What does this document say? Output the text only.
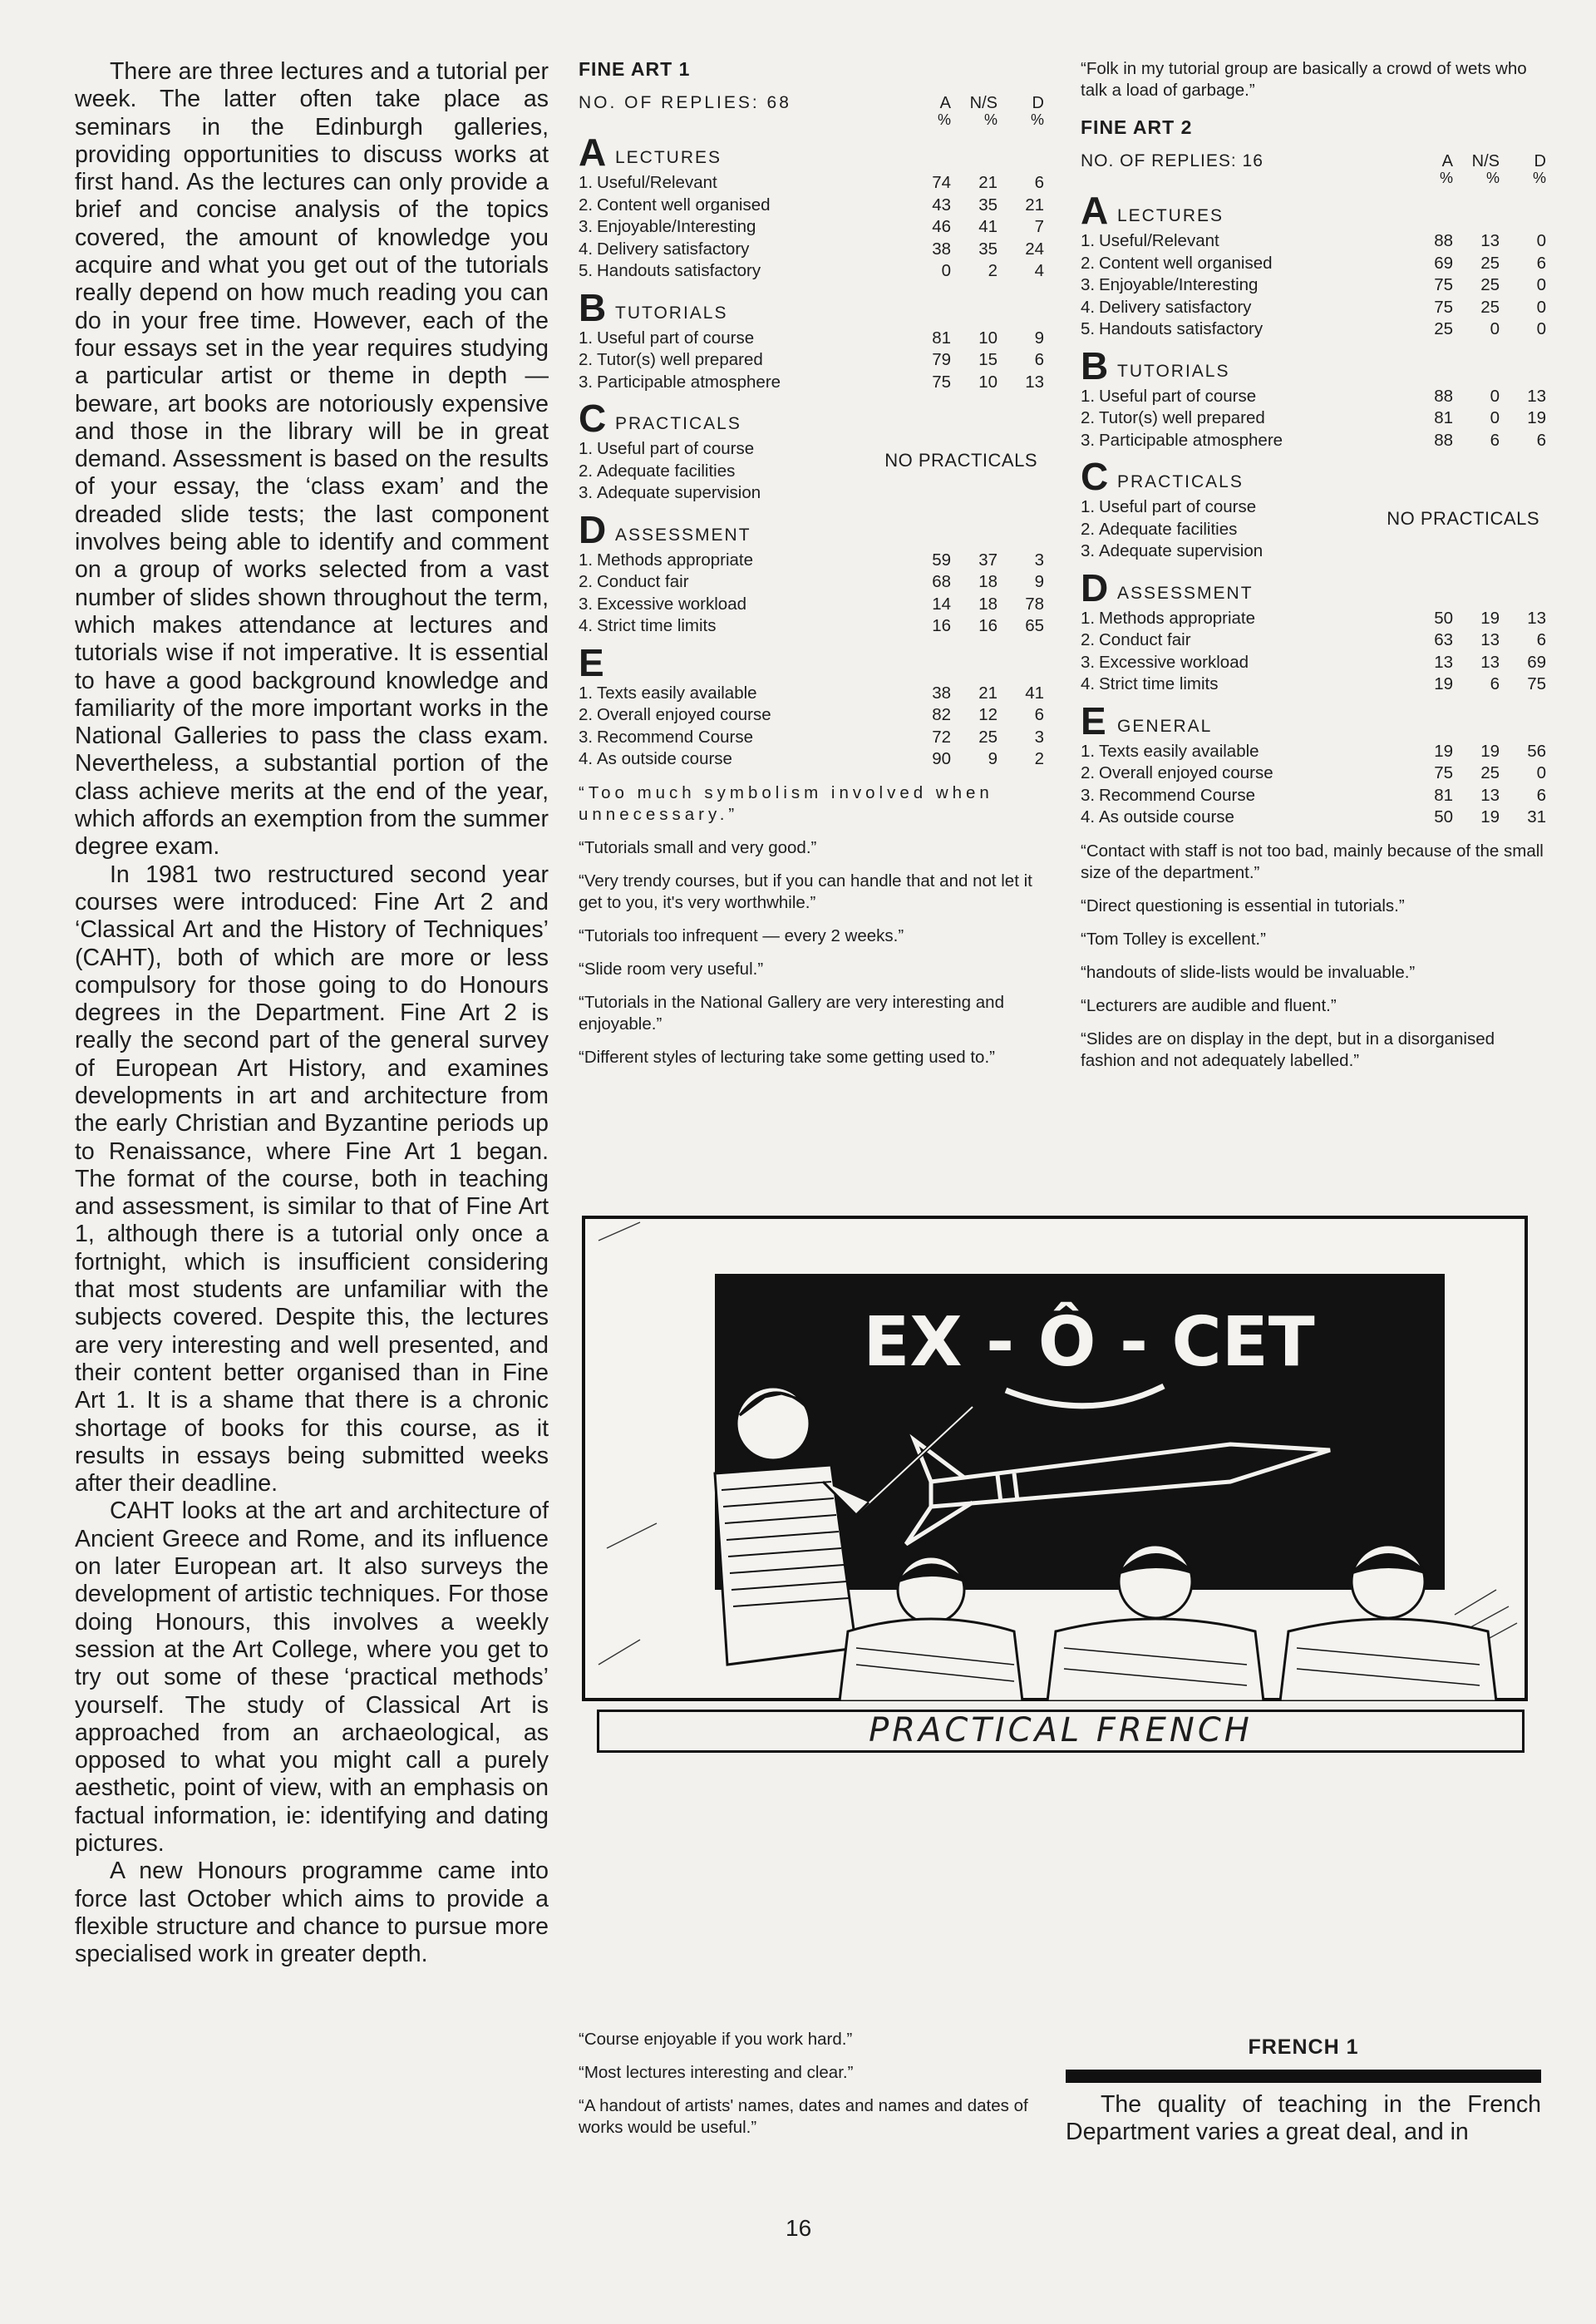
There are three lectures and a tutorial per week. The latter often take place as seminars in the Edinburgh galleries, providing opportunities to discuss works at first hand. As the lectures can only provide a brief and concise analysis of the topics covered, the amount of knowledge you acquire and what you get out of the tutorials really depend on how much reading you can do in your free time. However, each of the four essays set in the year requires studying a particular artist or theme in depth — beware, art books are notoriously expensive and those in the library will be in great demand. Assessment is based on the results of your essay, the ‘class exam’ and the dreaded slide tests; the last component involves being able to identify and comment on a group of works selected from a vast number of slides shown throughout the term, which makes attendance at lectures and tutorials wise if not imperative. It is essential to have a good background knowledge and familiarity of the more important works in the National Galleries to pass the class exam. Nevertheless, a substantial portion of the class achieve merits at the end of the year, which affords an exemption from the summer degree exam.

In 1981 two restructured second year courses were introduced: Fine Art 2 and ‘Classical Art and the History of Techniques’ (CAHT), both of which are more or less compulsory for those going to do Honours degrees in the Department. Fine Art 2 is really the second part of the general survey of European Art History, and examines developments in art and architecture from the early Christian and Byzantine periods up to Renaissance, where Fine Art 1 began. The format of the course, both in teaching and assessment, is similar to that of Fine Art 1, although there is a tutorial only once a fortnight, which is insufficient considering that most students are unfamiliar with the subjects covered. Despite this, the lectures are very interesting and well presented, and their content better organised than in Fine Art 1. It is a shame that there is a chronic shortage of books for this course, as it results in essays being submitted weeks after their deadline.

CAHT looks at the art and architecture of Ancient Greece and Rome, and its influence on later European art. It also surveys the development of artistic techniques. For those doing Honours, this involves a weekly session at the Art College, where you get to try out some of these ‘practical methods’ yourself. The study of Classical Art is approached from an archaeological, as opposed to what you might call a purely aesthetic, point of view, with an emphasis on factual information, ie: identifying and dating pictures.

A new Honours programme came into force last October which aims to provide a flexible structure and chance to pursue more specialised work in greater depth.

FINE ART 1

NO. OF REPLIES: 68	A	N/S	D
%	%	%
A LECTURES
1. Useful/Relevant	74	21	6
2. Content well organised	43	35	21
3. Enjoyable/Interesting	46	41	7
4. Delivery satisfactory	38	35	24
5. Handouts satisfactory	0	2	4
B TUTORIALS
1. Useful part of course	81	10	9
2. Tutor(s) well prepared	79	15	6
3. Participable atmosphere	75	10	13
C PRACTICALS
1. Useful part of course
2. Adequate facilities
3. Adequate supervision
NO PRACTICALS
D ASSESSMENT
1. Methods appropriate	59	37	3
2. Conduct fair	68	18	9
3. Excessive workload	14	18	78
4. Strict time limits	16	16	65
E
1. Texts easily available	38	21	41
2. Overall enjoyed course	82	12	6
3. Recommend Course	72	25	3
4. As outside course	90	9	2

“Too much symbolism involved when unnecessary.”

“Tutorials small and very good.”

“Very trendy courses, but if you can handle that and not let it get to you, it's very worthwhile.”

“Tutorials too infrequent — every 2 weeks.”

“Slide room very useful.”

“Tutorials in the National Gallery are very interesting and enjoyable.”

“Different styles of lecturing take some getting used to.”

“Folk in my tutorial group are basically a crowd of wets who talk a load of garbage.”

FINE ART 2

NO. OF REPLIES: 16	A	N/S	D
%	%	%
A LECTURES
1. Useful/Relevant	88	13	0
2. Content well organised	69	25	6
3. Enjoyable/Interesting	75	25	0
4. Delivery satisfactory	75	25	0
5. Handouts satisfactory	25	0	0
B TUTORIALS
1. Useful part of course	88	0	13
2. Tutor(s) well prepared	81	0	19
3. Participable atmosphere	88	6	6
C PRACTICALS
1. Useful part of course
2. Adequate facilities
3. Adequate supervision
NO PRACTICALS
D ASSESSMENT
1. Methods appropriate	50	19	13
2. Conduct fair	63	13	6
3. Excessive workload	13	13	69
4. Strict time limits	19	6	75
E GENERAL
1. Texts easily available	19	19	56
2. Overall enjoyed course	75	25	0
3. Recommend Course	81	13	6
4. As outside course	50	19	31

“Contact with staff is not too bad, mainly because of the small size of the department.”

“Direct questioning is essential in tutorials.”

“Tom Tolley is excellent.”

“handouts of slide-lists would be invaluable.”

“Lecturers are audible and fluent.”

“Slides are on display in the dept, but in a disorganised fashion and not adequately labelled.”

EX - Ô - CET
PRACTICAL FRENCH

“Course enjoyable if you work hard.”

“Most lectures interesting and clear.”

“A handout of artists' names, dates and names and dates of works would be useful.”

FRENCH 1

The quality of teaching in the French Department varies a great deal, and in

16
